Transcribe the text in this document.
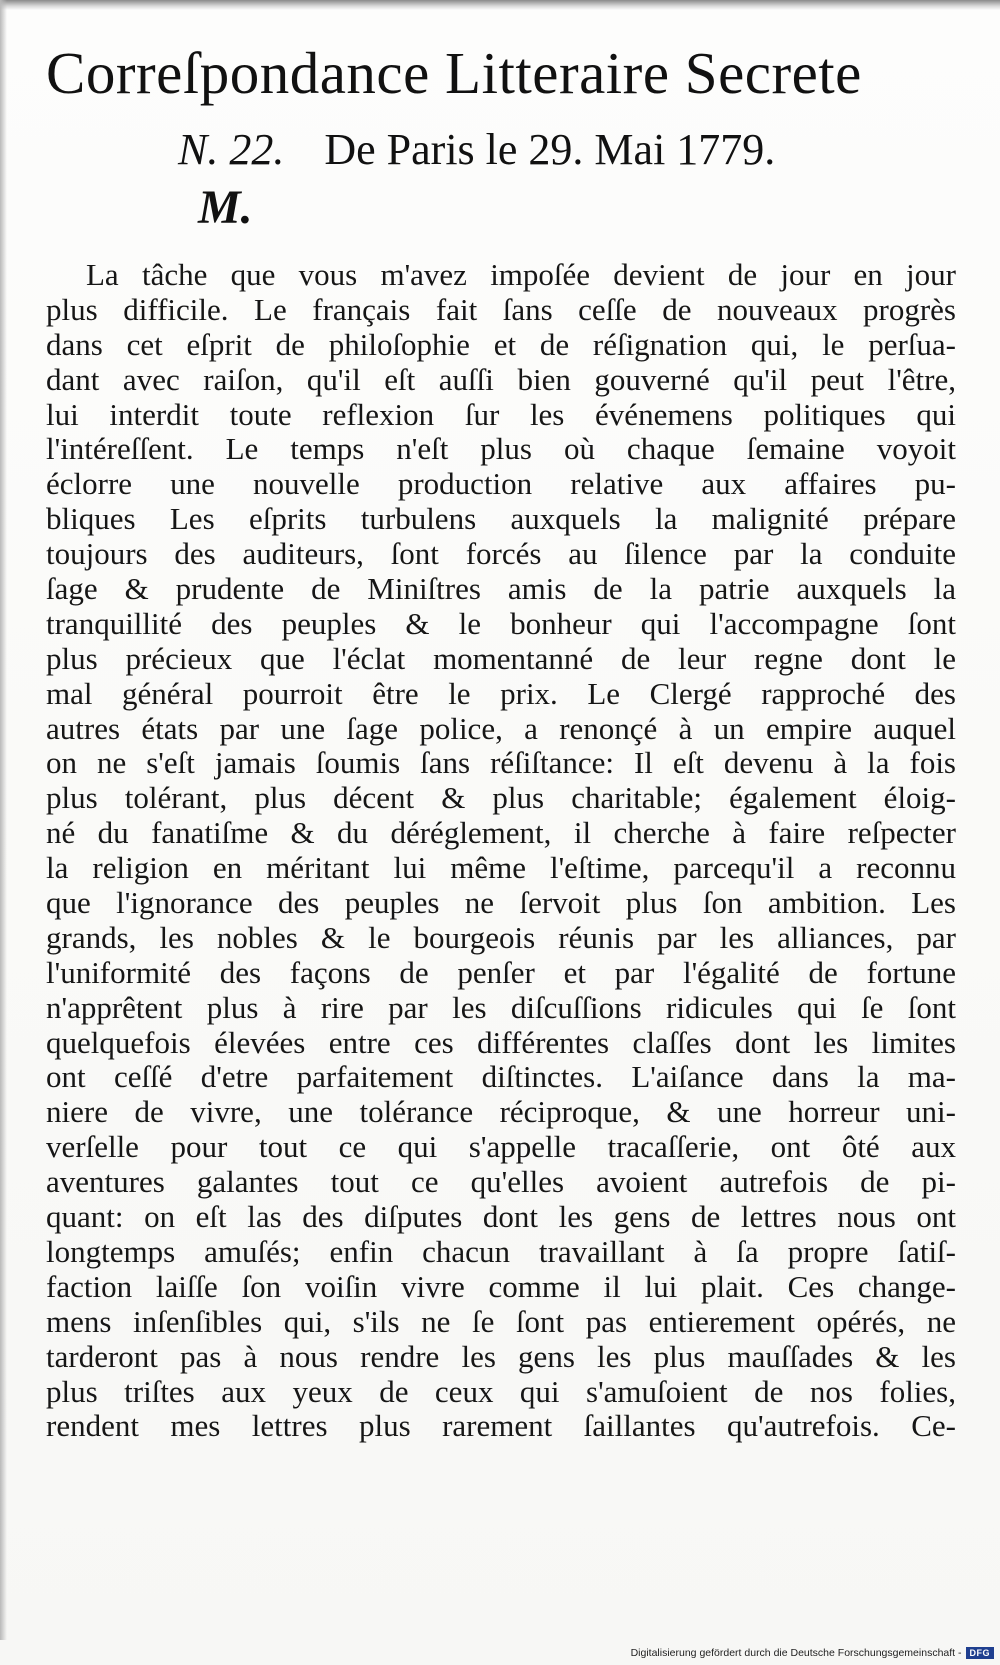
Correſpondance Litteraire Secrete
N. 22. De Paris le 29. Mai 1779.
M.
La tâche que vous m'avez impoſée devient de jour en jour
plus difficile. Le français fait ſans ceſſe de nouveaux progrès
dans cet eſprit de philoſophie et de réſignation qui, le perſua-
dant avec raiſon, qu'il eſt auſſi bien gouverné qu'il peut l'être,
lui interdit toute reflexion ſur les événemens politiques qui
l'intéreſſent. Le temps n'eſt plus où chaque ſemaine voyoit
éclorre une nouvelle production relative aux affaires pu-
bliques Les eſprits turbulens auxquels la malignité prépare
toujours des auditeurs, ſont forcés au ſilence par la conduite
ſage & prudente de Miniſtres amis de la patrie auxquels la
tranquillité des peuples & le bonheur qui l'accompagne ſont
plus précieux que l'éclat momentanné de leur regne dont le
mal général pourroit être le prix. Le Clergé rapproché des
autres états par une ſage police, a renonçé à un empire auquel
on ne s'eſt jamais ſoumis ſans réſiſtance: Il eſt devenu à la fois
plus tolérant, plus décent & plus charitable; également éloig-
né du fanatiſme & du déréglement, il cherche à faire reſpecter
la religion en méritant lui même l'eſtime, parcequ'il a reconnu
que l'ignorance des peuples ne ſervoit plus ſon ambition. Les
grands, les nobles & le bourgeois réunis par les alliances, par
l'uniformité des façons de penſer et par l'égalité de fortune
n'apprêtent plus à rire par les diſcuſſions ridicules qui ſe ſont
quelquefois élevées entre ces différentes claſſes dont les limites
ont ceſſé d'etre parfaitement diſtinctes. L'aiſance dans la ma-
niere de vivre, une tolérance réciproque, & une horreur uni-
verſelle pour tout ce qui s'appelle tracaſſerie, ont ôté aux
aventures galantes tout ce qu'elles avoient autrefois de pi-
quant: on eſt las des diſputes dont les gens de lettres nous ont
longtemps amuſés; enfin chacun travaillant à ſa propre ſatiſ-
faction laiſſe ſon voiſin vivre comme il lui plait. Ces change-
mens inſenſibles qui, s'ils ne ſe ſont pas entierement opérés, ne
tarderont pas à nous rendre les gens les plus mauſſades & les
plus triſtes aux yeux de ceux qui s'amuſoient de nos folies,
rendent mes lettres plus rarement ſaillantes qu'autrefois. Ce-
Digitalisierung gefördert durch die Deutsche Forschungsgemeinschaft - DFG
